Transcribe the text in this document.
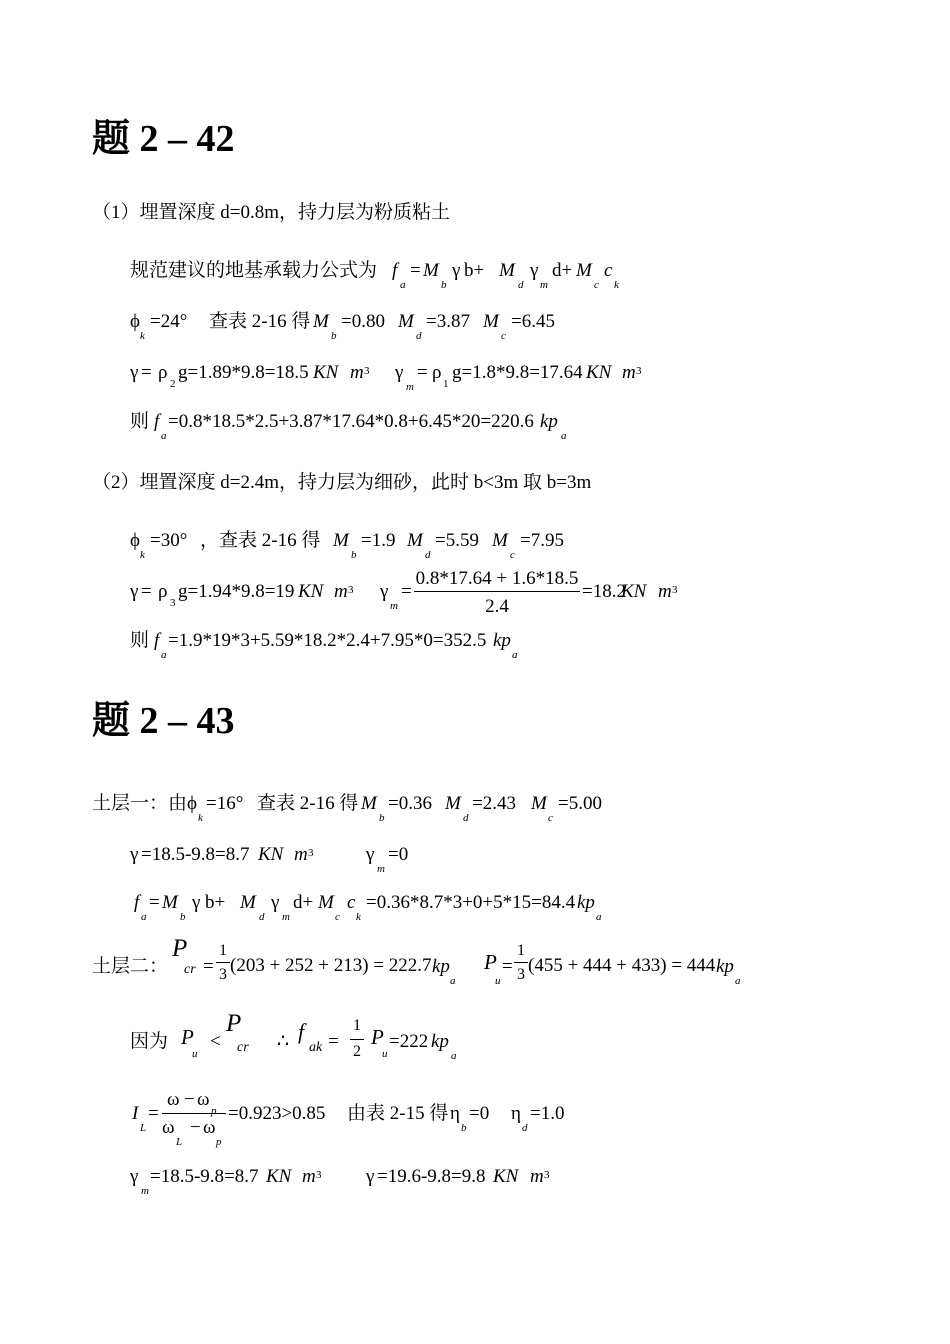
题 2 – 42
（1）埋置深度 d=0.8m，持力层为粉质粘土
规范建议的地基承载力公式为 f
a
= M
b
γ b+ M
d
γ
m
d+ M
c
c
k
ϕ
k
=24° 查表 2-16 得 M
b
=0.80 M
d
=3.87 M
c
=6.45
γ = ρ
2
g=1.89*9.8=18.5 KN m 3 γ
m
= ρ
1
g=1.8*9.8=17.64 KN m 3
则 f
a
=0.8*18.5*2.5+3.87*17.64*0.8+6.45*20=220.6 kp
a
（2）埋置深度 d=2.4m，持力层为细砂，此时 b<3m 取 b=3m
ϕ
k
=30° ， 查表 2-16 得 M
b
=1.9 M
d
=5.59 M
c
=7.95
γ = ρ
3
g=1.94*9.8=19 KN m 3 γ
m
=
0.8*17.64 + 1.6*18.5
2.4
=18.2
KN m 3
则 f
a
=1.9*19*3+5.59*18.2*2.4+7.95*0=352.5 kp
a
题 2 – 43
土层一：由 ϕ
k
=16° 查表 2-16 得 M
b
=0.36 M
d
=2.43 M
c
=5.00
γ =18.5-9.8=8.7 KN m 3	γ
m
=0
f
a
= M
b
γ b+ M
d
γ
m
d+ M
c
c
k
=0.36*8.7*3+0+5*15=84.4 kp
a
土层二：
P
cr =
1
3 (203 + 252 + 213) = 222.7 kp
a
P
u
=
1
3 (455 + 444 + 433) = 444 kp
a
因为 P
u
<
P
cr ∴ f
ak =
1
2
P
u
=222 kp
a
I
L
=
ω − ω
p
ω − ω
L	p
=0.923>0.85 由表 2-15 得 η
b
=0 η
d
=1.0
γ
m
=18.5-9.8=8.7 KN m 3 γ =19.6-9.8=9.8 KN m 3
